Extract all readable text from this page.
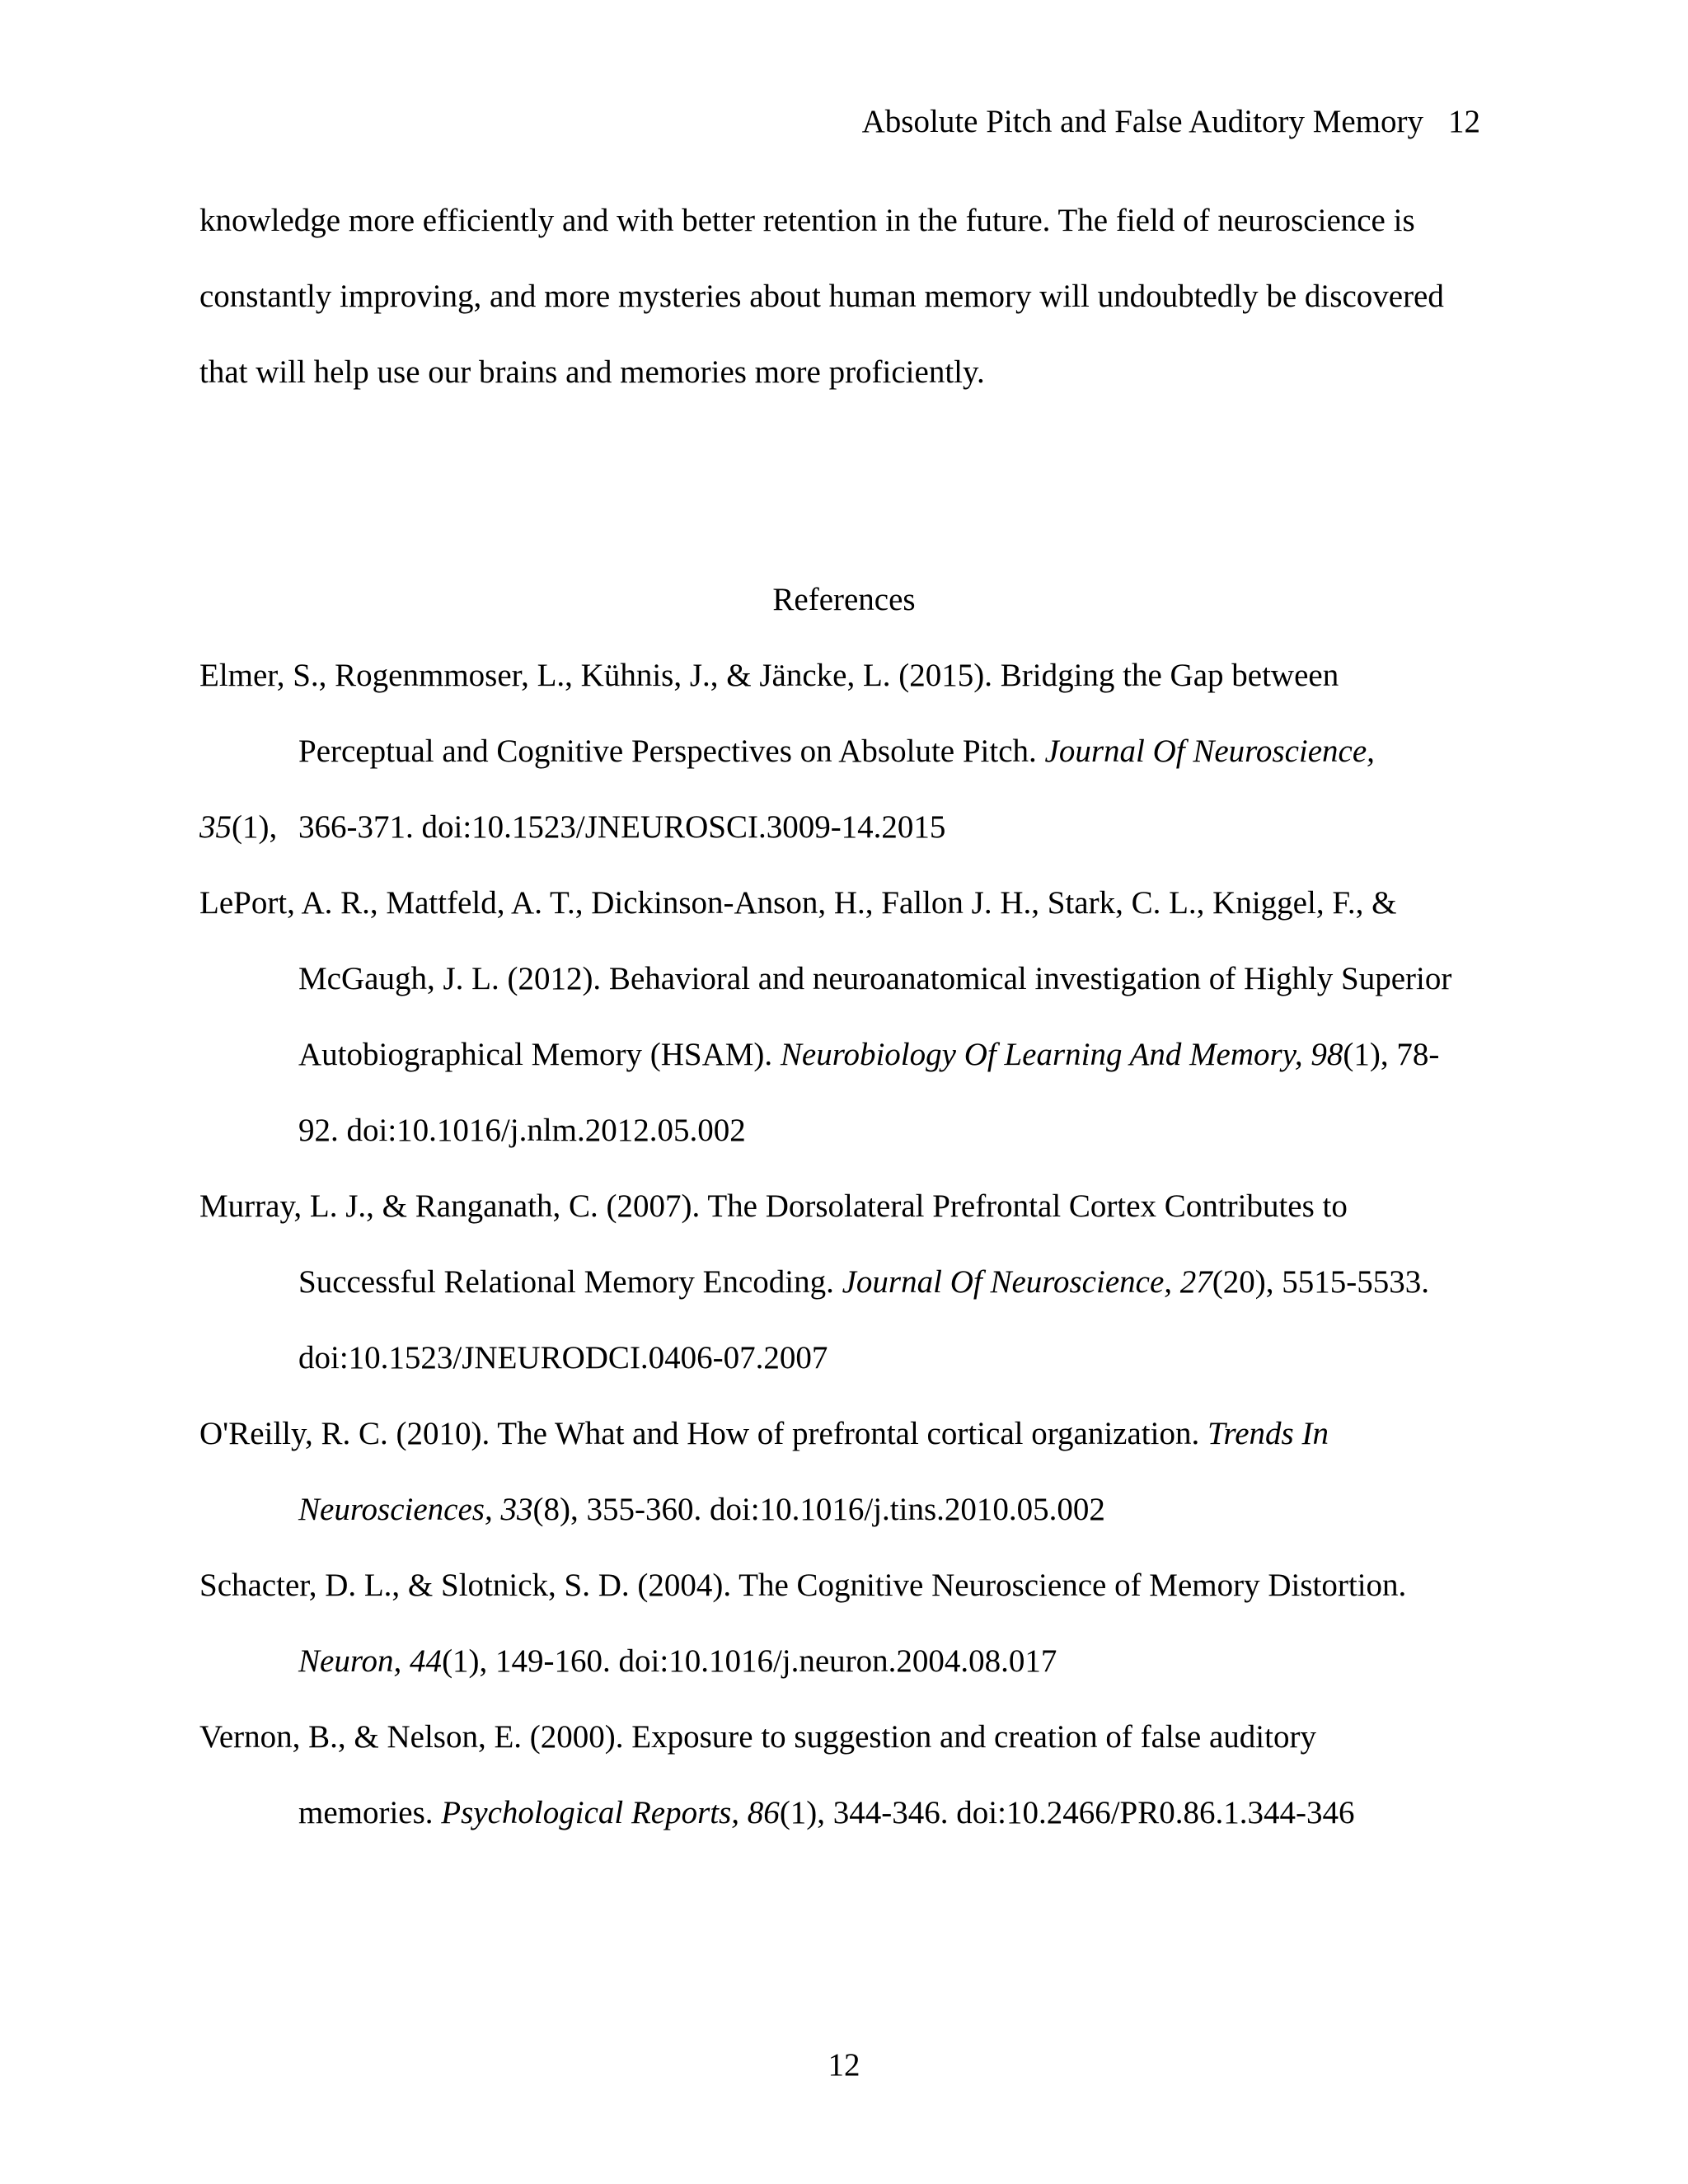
Absolute Pitch and False Auditory Memory 12
knowledge more efficiently and with better retention in the future. The field of neuroscience is
constantly improving, and more mysteries about human memory will undoubtedly be discovered
that will help use our brains and memories more proficiently.
References
Elmer, S., Rogenmmoser, L., Kühnis, J., & Jäncke, L. (2015). Bridging the Gap between
Perceptual and Cognitive Perspectives on Absolute Pitch. Journal Of Neuroscience,
35(1), 366-371. doi:10.1523/JNEUROSCI.3009-14.2015
LePort, A. R., Mattfeld, A. T., Dickinson-Anson, H., Fallon J. H., Stark, C. L., Kniggel, F., &
McGaugh, J. L. (2012). Behavioral and neuroanatomical investigation of Highly Superior
Autobiographical Memory (HSAM). Neurobiology Of Learning And Memory, 98(1), 78-
92. doi:10.1016/j.nlm.2012.05.002
Murray, L. J., & Ranganath, C. (2007). The Dorsolateral Prefrontal Cortex Contributes to
Successful Relational Memory Encoding. Journal Of Neuroscience, 27(20), 5515-5533.
doi:10.1523/JNEURODCI.0406-07.2007
O'Reilly, R. C. (2010). The What and How of prefrontal cortical organization. Trends In
Neurosciences, 33(8), 355-360. doi:10.1016/j.tins.2010.05.002
Schacter, D. L., & Slotnick, S. D. (2004). The Cognitive Neuroscience of Memory Distortion.
Neuron, 44(1), 149-160. doi:10.1016/j.neuron.2004.08.017
Vernon, B., & Nelson, E. (2000). Exposure to suggestion and creation of false auditory
memories. Psychological Reports, 86(1), 344-346. doi:10.2466/PR0.86.1.344-346
12
